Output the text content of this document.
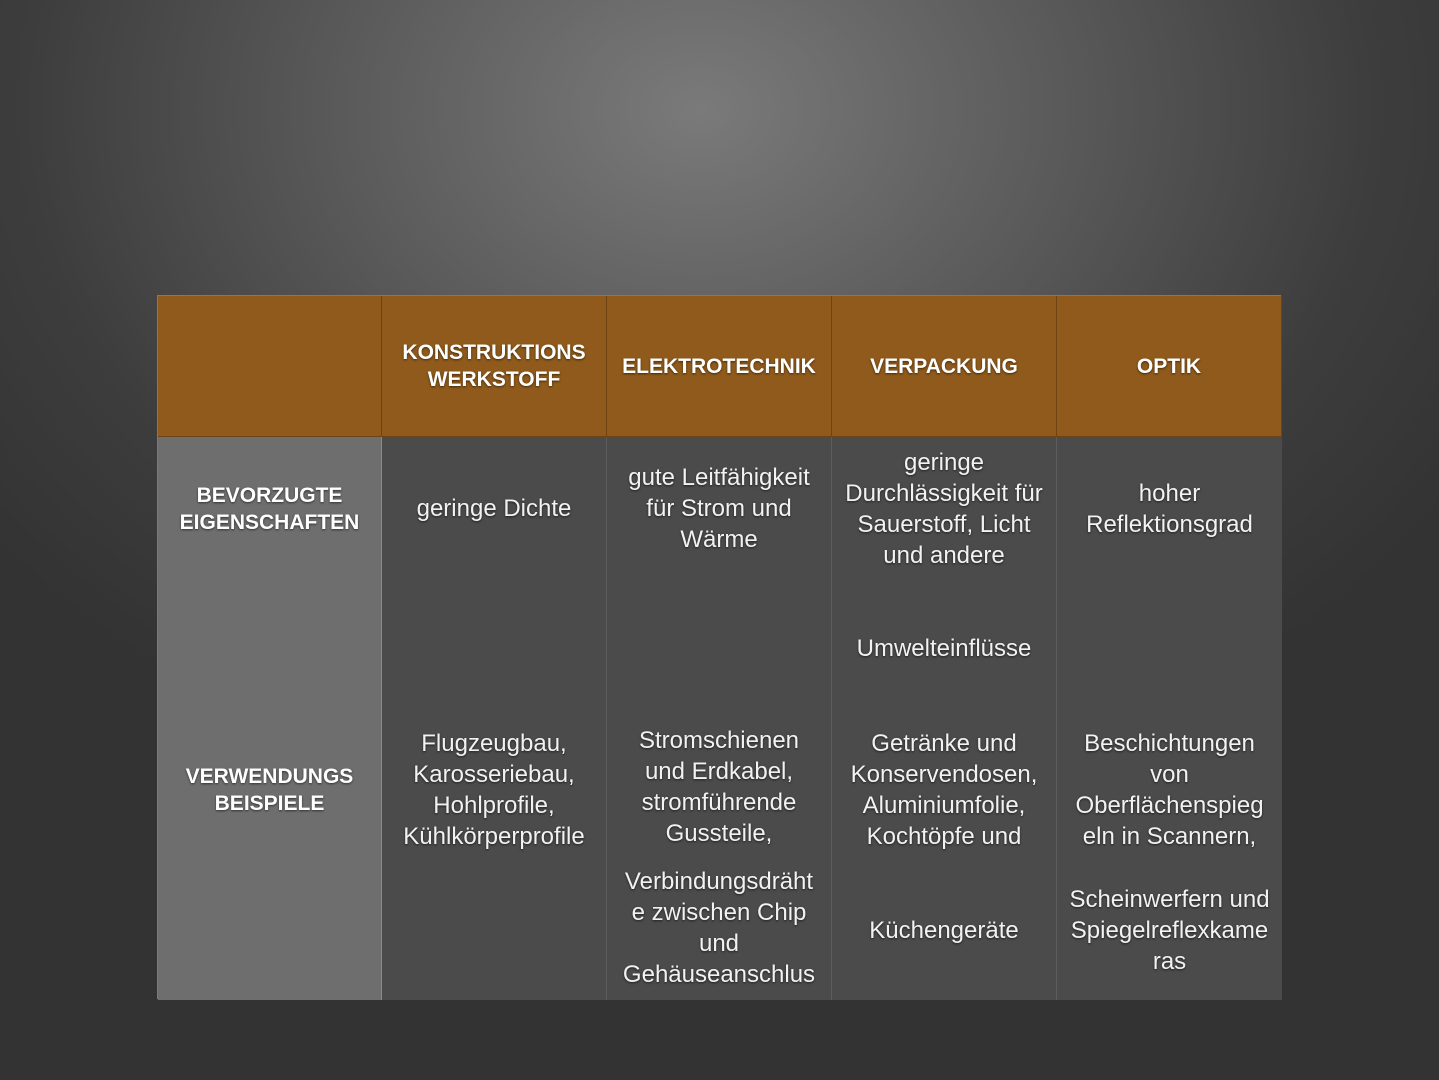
KONSTRUKTIONS WERKSTOFF
ELEKTROTECHNIK	VERPACKUNG	OPTIK
BEVORZUGTE EIGENSCHAFTEN
VERWENDUNGS BEISPIELE
geringe Dichte
Flugzeugbau,
Karosseriebau,
Hohlprofile,
Kühlkörperprofile
gute Leitfähigkeit
für Strom und
Wärme
Stromschienen
und Erdkabel,
stromführende
Gussteile,
Verbindungsdräht
e zwischen Chip
und
Gehäuseanschlus
geringe
Durchlässigkeit für
Sauerstoff, Licht
und andere
Umwelteinflüsse
Getränke und
Konservendosen,
Aluminiumfolie,
Kochtöpfe und
Küchengeräte
hoher
Reflektionsgrad
Beschichtungen
von
Oberflächenspieg
eln in Scannern,
Scheinwerfern und
Spiegelreflexkame
ras
